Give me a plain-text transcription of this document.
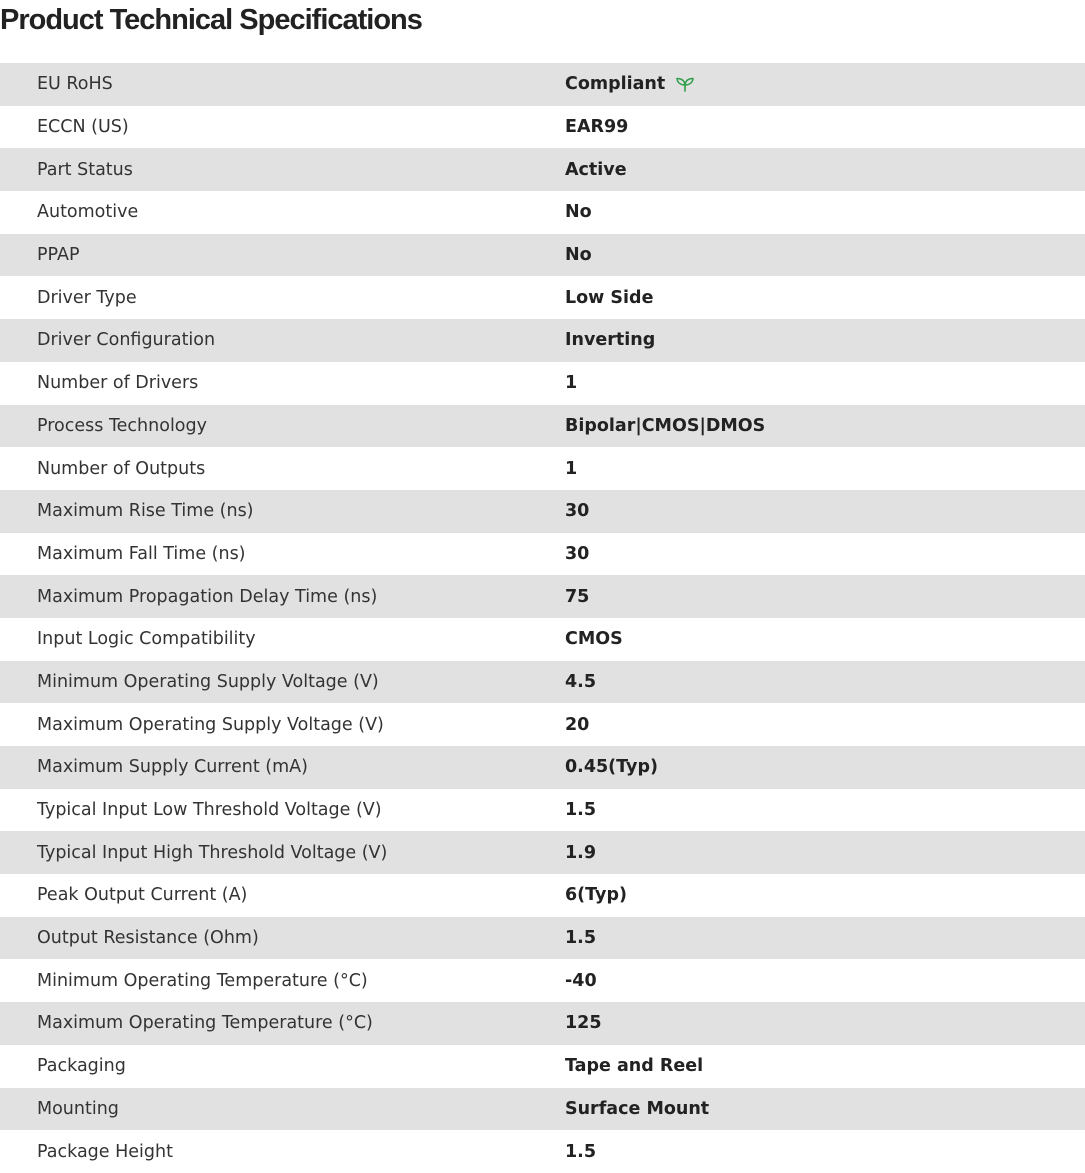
Product Technical Specifications
EU RoHS	Compliant
ECCN (US)	EAR99
Part Status	Active
Automotive	No
PPAP	No
Driver Type	Low Side
Driver Configuration	Inverting
Number of Drivers	1
Process Technology	Bipolar|CMOS|DMOS
Number of Outputs	1
Maximum Rise Time (ns)	30
Maximum Fall Time (ns)	30
Maximum Propagation Delay Time (ns)	75
Input Logic Compatibility	CMOS
Minimum Operating Supply Voltage (V)	4.5
Maximum Operating Supply Voltage (V)	20
Maximum Supply Current (mA)	0.45(Typ)
Typical Input Low Threshold Voltage (V)	1.5
Typical Input High Threshold Voltage (V)	1.9
Peak Output Current (A)	6(Typ)
Output Resistance (Ohm)	1.5
Minimum Operating Temperature (°C)	-40
Maximum Operating Temperature (°C)	125
Packaging	Tape and Reel
Mounting	Surface Mount
Package Height	1.5
